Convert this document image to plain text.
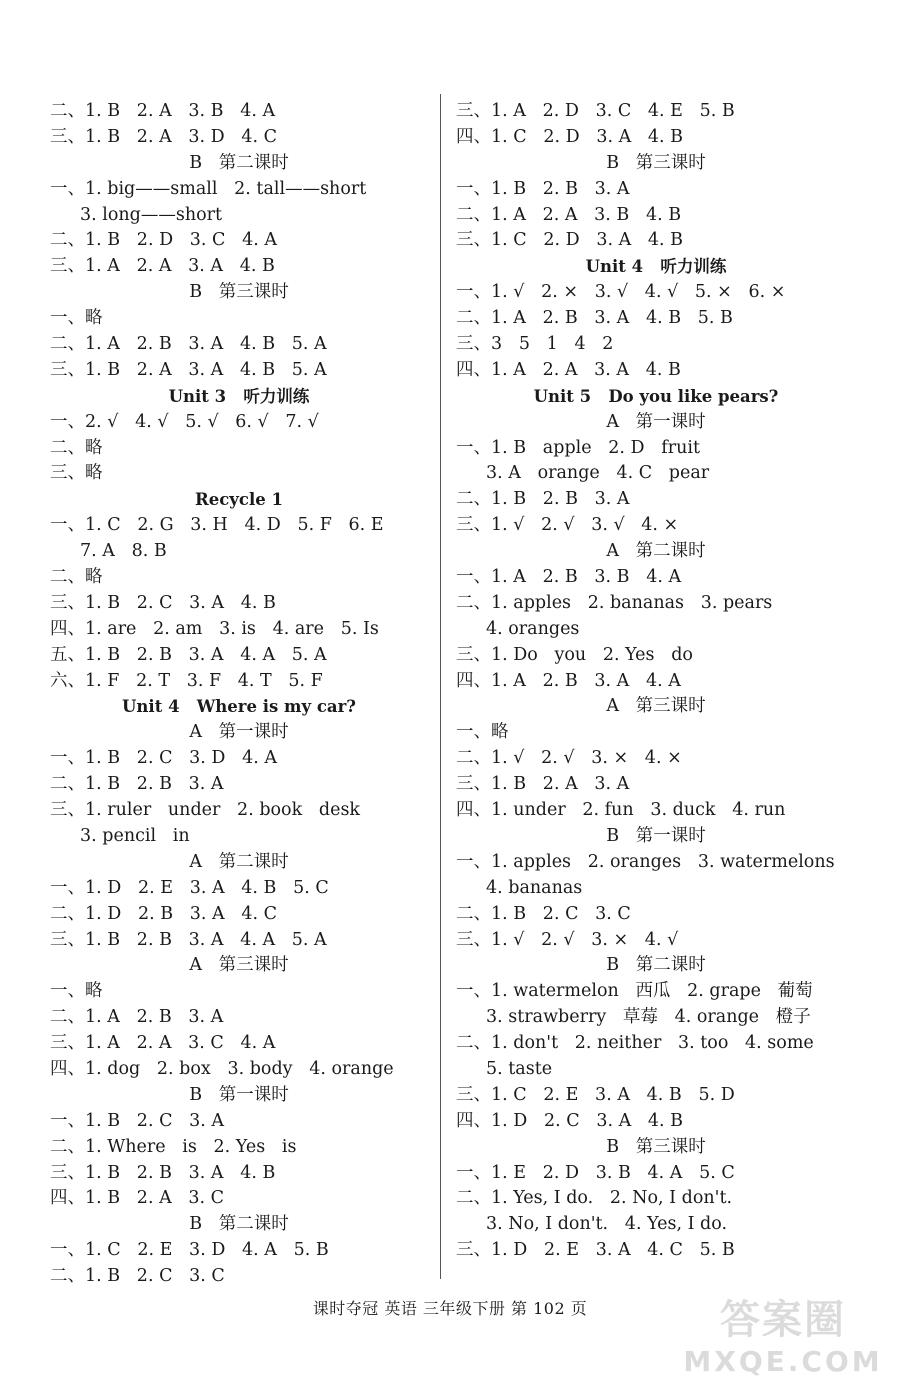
二、1. B   2. A   3. B   4. A
三、1. B   2. A   3. D   4. C
B   第二课时
一、1. big——small   2. tall——short
3. long——short
二、1. B   2. D   3. C   4. A
三、1. A   2. A   3. A   4. B
B   第三课时
一、略
二、1. A   2. B   3. A   4. B   5. A
三、1. B   2. A   3. A   4. B   5. A
Unit 3   听力训练
一、2. √   4. √   5. √   6. √   7. √
二、略
三、略
Recycle 1
一、1. C   2. G   3. H   4. D   5. F   6. E
7. A   8. B
二、略
三、1. B   2. C   3. A   4. B
四、1. are   2. am   3. is   4. are   5. Is
五、1. B   2. B   3. A   4. A   5. A
六、1. F   2. T   3. F   4. T   5. F
Unit 4   Where is my car?
A   第一课时
一、1. B   2. C   3. D   4. A
二、1. B   2. B   3. A
三、1. ruler   under   2. book   desk
3. pencil   in
A   第二课时
一、1. D   2. E   3. A   4. B   5. C
二、1. D   2. B   3. A   4. C
三、1. B   2. B   3. A   4. A   5. A
A   第三课时
一、略
二、1. A   2. B   3. A
三、1. A   2. A   3. C   4. A
四、1. dog   2. box   3. body   4. orange
B   第一课时
一、1. B   2. C   3. A
二、1. Where   is   2. Yes   is
三、1. B   2. B   3. A   4. B
四、1. B   2. A   3. C
B   第二课时
一、1. C   2. E   3. D   4. A   5. B
二、1. B   2. C   3. C
三、1. A   2. D   3. C   4. E   5. B
四、1. C   2. D   3. A   4. B
B   第三课时
一、1. B   2. B   3. A
二、1. A   2. A   3. B   4. B
三、1. C   2. D   3. A   4. B
Unit 4   听力训练
一、1. √   2. ×   3. √   4. √   5. ×   6. ×
二、1. A   2. B   3. A   4. B   5. B
三、3   5   1   4   2
四、1. A   2. A   3. A   4. B
Unit 5   Do you like pears?
A   第一课时
一、1. B   apple   2. D   fruit
3. A   orange   4. C   pear
二、1. B   2. B   3. A
三、1. √   2. √   3. √   4. ×
A   第二课时
一、1. A   2. B   3. B   4. A
二、1. apples   2. bananas   3. pears
4. oranges
三、1. Do   you   2. Yes   do
四、1. A   2. B   3. A   4. A
A   第三课时
一、略
二、1. √   2. √   3. ×   4. ×
三、1. B   2. A   3. A
四、1. under   2. fun   3. duck   4. run
B   第一课时
一、1. apples   2. oranges   3. watermelons
4. bananas
二、1. B   2. C   3. C
三、1. √   2. √   3. ×   4. √
B   第二课时
一、1. watermelon   西瓜   2. grape   葡萄
3. strawberry   草莓   4. orange   橙子
二、1. don't   2. neither   3. too   4. some
5. taste
三、1. C   2. E   3. A   4. B   5. D
四、1. D   2. C   3. A   4. B
B   第三课时
一、1. E   2. D   3. B   4. A   5. C
二、1. Yes, I do.   2. No, I don't.
3. No, I don't.   4. Yes, I do.
三、1. D   2. E   3. A   4. C   5. B
课时夺冠 英语 三年级下册 第 102 页	答案圈
MXQE.COM
